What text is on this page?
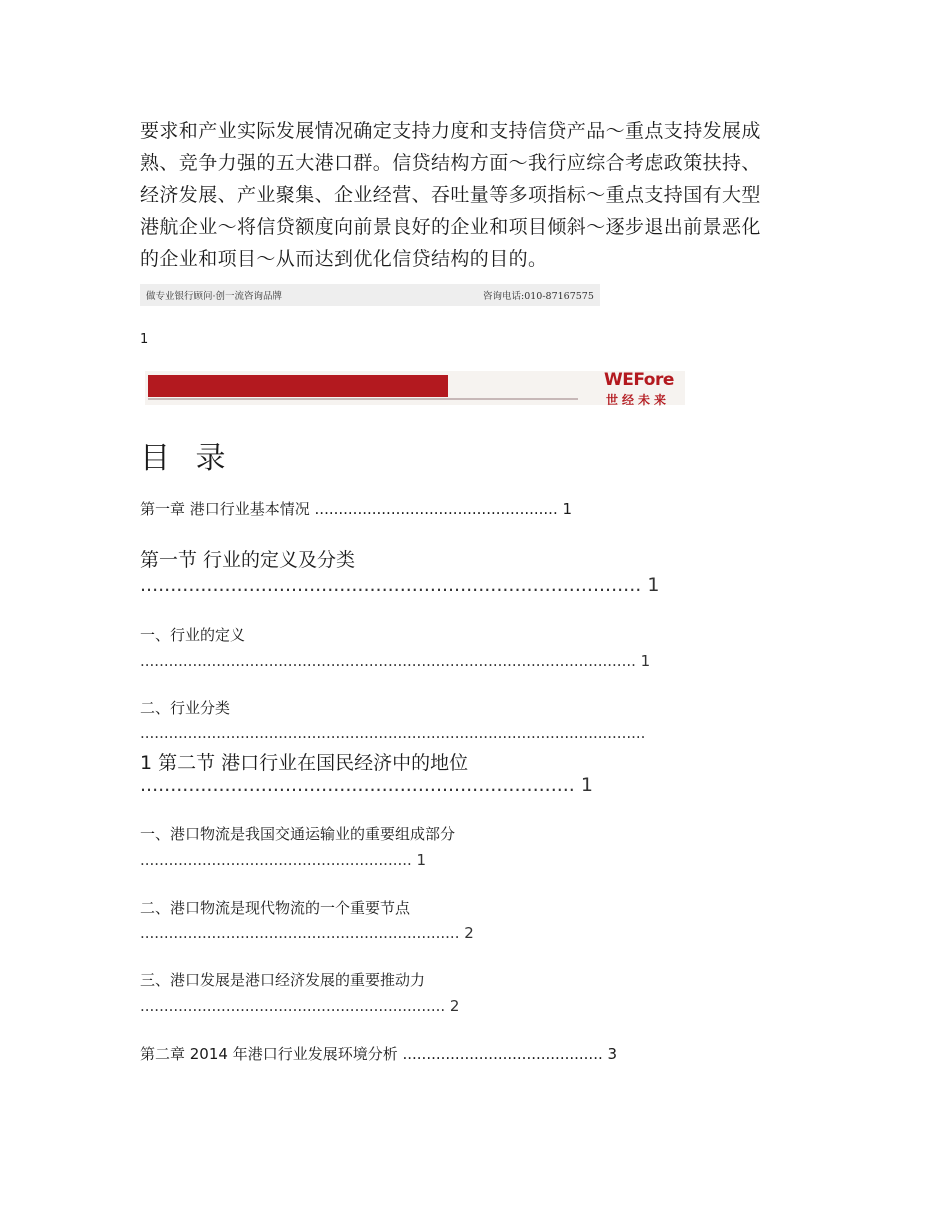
要求和产业实际发展情况确定支持力度和支持信贷产品～重点支持发展成
熟、竞争力强的五大港口群。信贷结构方面～我行应综合考虑政策扶持、
经济发展、产业聚集、企业经营、吞吐量等多项指标～重点支持国有大型
港航企业～将信贷额度向前景良好的企业和项目倾斜～逐步退出前景恶化
的企业和项目～从而达到优化信贷结构的目的。
做专业银行顾问·创一流咨询品牌	咨询电话:010-87167575
1
WEFore
世经未来
目 录
第一章 港口行业基本情况 ................................................... 1
第一节 行业的定义及分类
................................................................................... 1
一、行业的定义
........................................................................................................ 1
二、行业分类
..........................................................................................................
1 第二节 港口行业在国民经济中的地位
........................................................................ 1
一、港口物流是我国交通运输业的重要组成部分
......................................................... 1
二、港口物流是现代物流的一个重要节点
................................................................... 2
三、港口发展是港口经济发展的重要推动力
................................................................ 2
第二章 2014 年港口行业发展环境分析 .......................................... 3
